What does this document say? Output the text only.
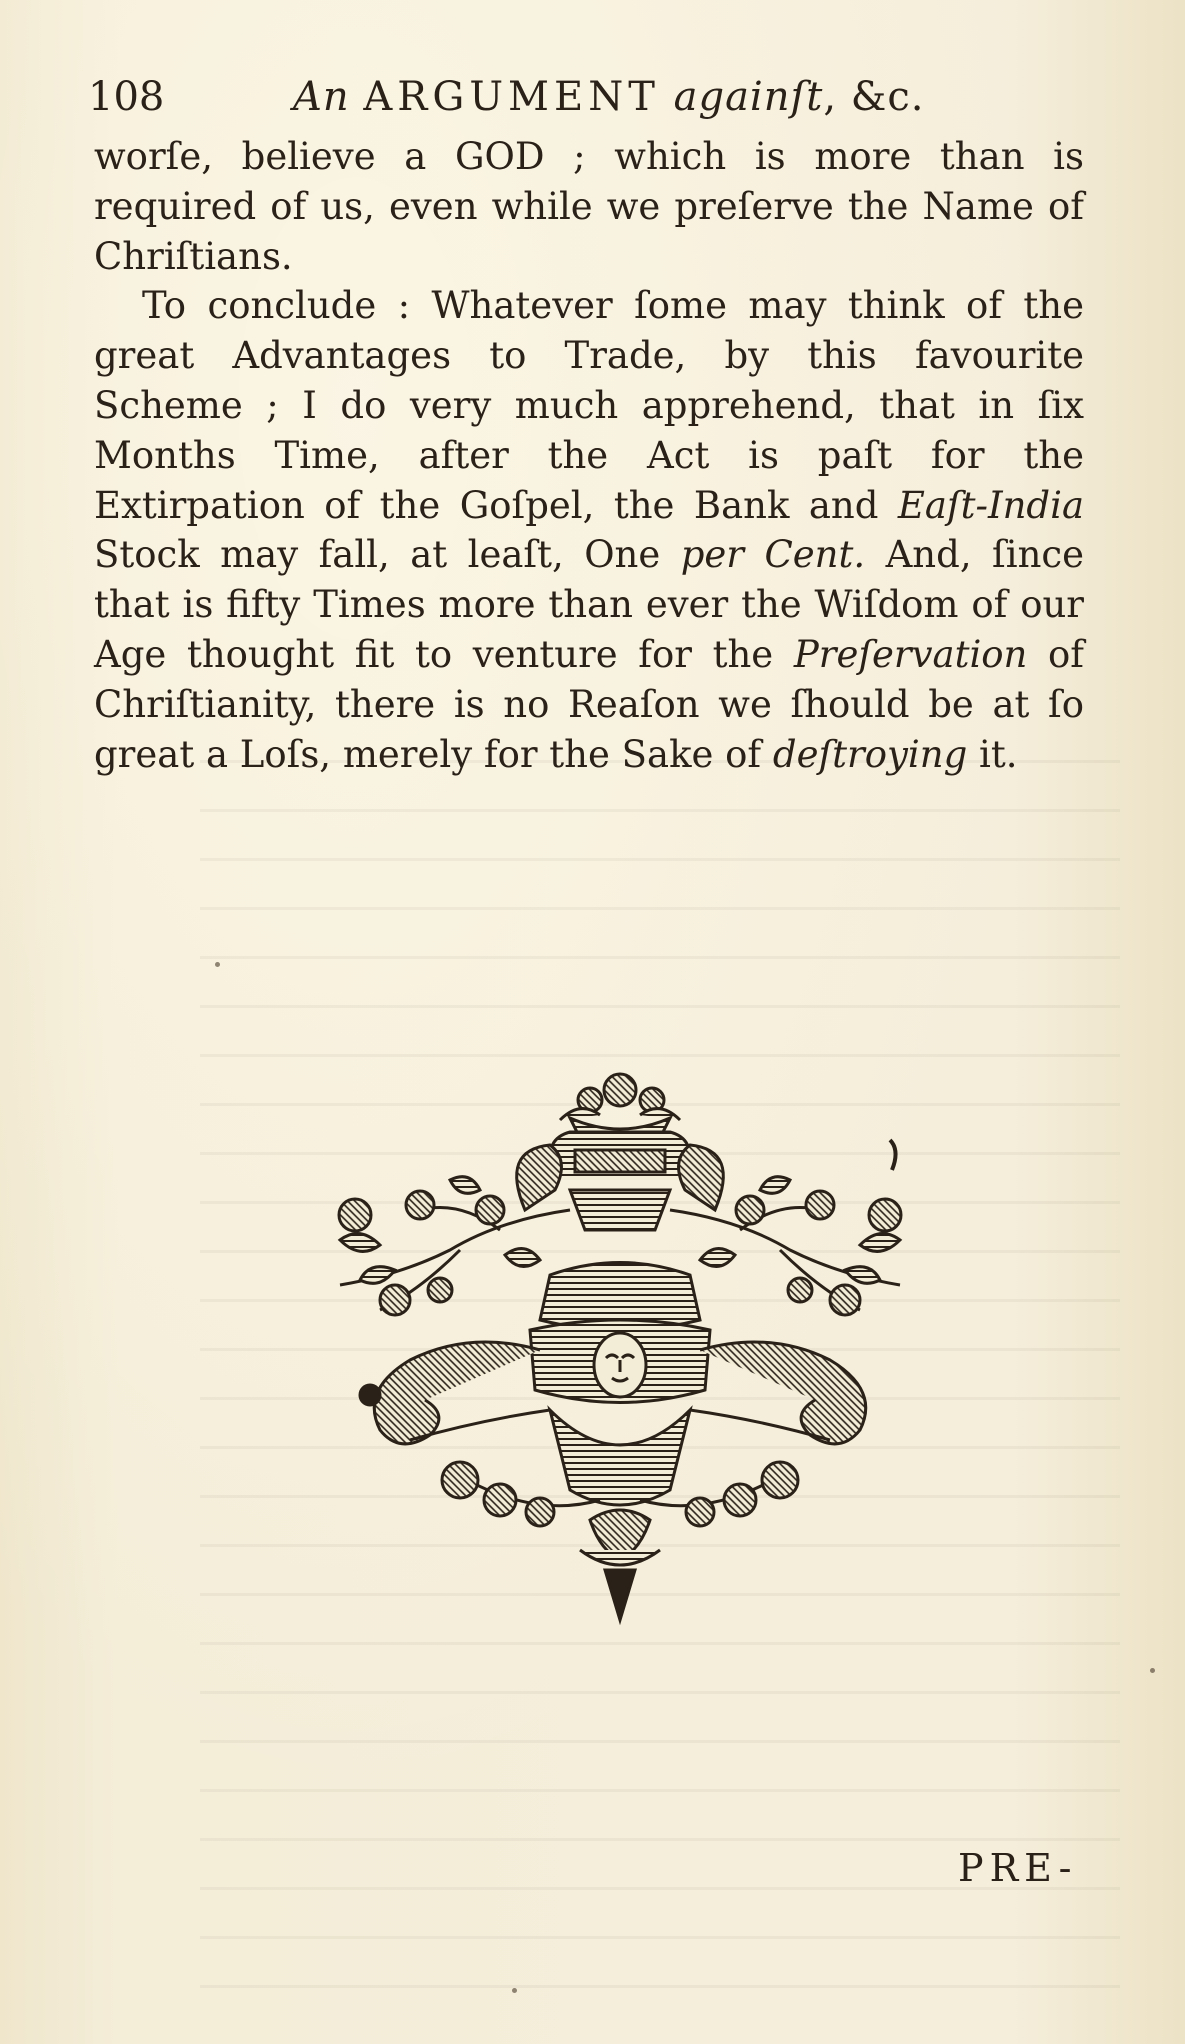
108	An ARGUMENT againſt, &c.

worſe, believe a GOD ; which is more than is required of us, even while we preſerve the Name of Chriſtians.

To conclude : Whatever ſome may think of the great Advantages to Trade, by this favourite Scheme ; I do very much apprehend, that in ſix Months Time, after the Act is paſt for the Extirpation of the Goſpel, the Bank and Eaſt-India Stock may fall, at leaſt, One per Cent. And, ſince that is fifty Times more than ever the Wiſdom of our Age thought fit to venture for the Preſervation of Chriſtianity, there is no Reaſon we ſhould be at ſo great a Loſs, merely for the Sake of deſtroying it.

PRE-
